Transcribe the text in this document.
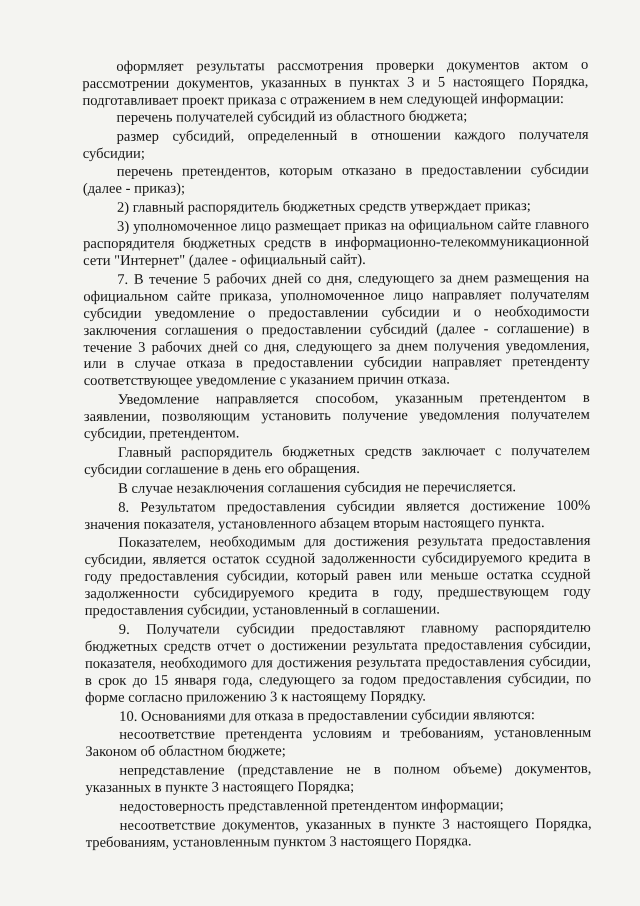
оформляет результаты рассмотрения проверки документов актом о рассмотрении документов, указанных в пунктах 3 и 5 настоящего Порядка, подготавливает проект приказа с отражением в нем следующей информации:

перечень получателей субсидий из областного бюджета;

размер субсидий, определенный в отношении каждого получателя субсидии;

перечень претендентов, которым отказано в предоставлении субсидии (далее - приказ);

2) главный распорядитель бюджетных средств утверждает приказ;

3) уполномоченное лицо размещает приказ на официальном сайте главного распорядителя бюджетных средств в информационно-телекоммуникационной сети "Интернет" (далее - официальный сайт).

7. В течение 5 рабочих дней со дня, следующего за днем размещения на официальном сайте приказа, уполномоченное лицо направляет получателям субсидии уведомление о предоставлении субсидии и о необходимости заключения соглашения о предоставлении субсидий (далее - соглашение) в течение 3 рабочих дней со дня, следующего за днем получения уведомления, или в случае отказа в предоставлении субсидии направляет претенденту соответствующее уведомление с указанием причин отказа.

Уведомление направляется способом, указанным претендентом в заявлении, позволяющим установить получение уведомления получателем субсидии, претендентом.

Главный распорядитель бюджетных средств заключает с получателем субсидии соглашение в день его обращения.

В случае незаключения соглашения субсидия не перечисляется.

8. Результатом предоставления субсидии является достижение 100% значения показателя, установленного абзацем вторым настоящего пункта.

Показателем, необходимым для достижения результата предоставления субсидии, является остаток ссудной задолженности субсидируемого кредита в году предоставления субсидии, который равен или меньше остатка ссудной задолженности субсидируемого кредита в году, предшествующем году предоставления субсидии, установленный в соглашении.

9. Получатели субсидии предоставляют главному распорядителю бюджетных средств отчет о достижении результата предоставления субсидии, показателя, необходимого для достижения результата предоставления субсидии, в срок до 15 января года, следующего за годом предоставления субсидии, по форме согласно приложению 3 к настоящему Порядку.

10. Основаниями для отказа в предоставлении субсидии являются:

несоответствие претендента условиям и требованиям, установленным Законом об областном бюджете;

непредставление (представление не в полном объеме) документов, указанных в пункте 3 настоящего Порядка;

недостоверность представленной претендентом информации;

несоответствие документов, указанных в пункте 3 настоящего Порядка, требованиям, установленным пунктом 3 настоящего Порядка.
